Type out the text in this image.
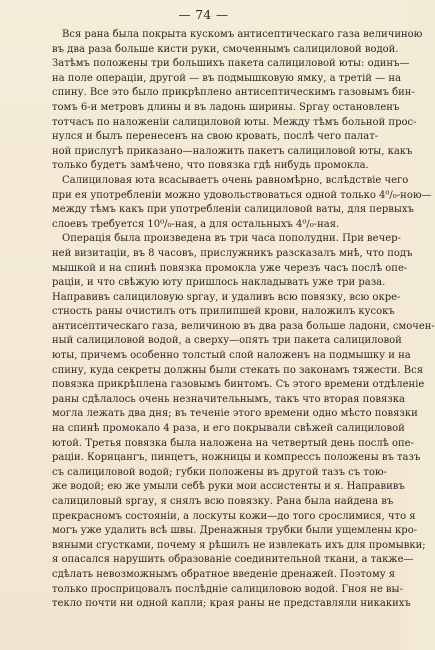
— 74 —
Вся рана была покрыта кускомъ антисептическаго газа величиною
въ два раза больше кисти руки, смоченнымъ салициловой водой.
Затѣмъ положены три большихъ пакета салициловой юты: одинъ—
на поле операціи, другой — въ подмышковую ямку, а третій — на
спину. Все это было прикрѣплено антисептическимъ газовымъ бин-
томъ 6-и метровъ длины и въ ладонь ширины. Sргау остановленъ
тотчасъ по наложеніи салициловой юты. Между тѣмъ больной прос-
нулся и былъ перенесенъ на свою кровать, послѣ чего палат-
ной прислугѣ приказано—наложить пакетъ салициловой юты, какъ
только будетъ замѣчено, что повязка гдѣ нибудь промокла.
Салициловая юта всасываетъ очень равномѣрно, вслѣдствіе чего
при ея употребленіи можно удовольствоваться одной только 4⁰/₀-ною—
между тѣмъ какъ при употребленіи салициловой ваты, для первыхъ
слоевъ требуется 10⁰/₀-ная, а для остальныхъ 4⁰/₀-ная.
Операція была произведена въ три часа пополудни. При вечер-
ней визитаціи, въ 8 часовъ, прислужникъ разсказалъ мнѣ, что подъ
мышкой и на спинѣ повязка промокла уже черезъ часъ послѣ опе-
раціи, и что свѣжую юту пришлось накладывать уже три раза.
Направивъ салициловую sргау, и удаливъ всю повязку, всю окре-
стность раны очистилъ отъ прилипшей крови, наложилъ кусокъ
антисептическаго газа, величиною въ два раза больше ладони, смочен-
ный салициловой водой, а сверху—опять три пакета салициловой
юты, причемъ особенно толстый слой наложенъ на подмышку и на
спину, куда секреты должны были стекать по законамъ тяжести. Вся
повязка прикрѣплена газовымъ бинтомъ. Съ этого времени отдѣленіе
раны сдѣлалось очень незначительнымъ, такъ что вторая повязка
могла лежать два дня; въ теченіе этого времени одно мѣсто повязки
на спинѣ промокало 4 раза, и его покрывали свѣжей салициловой
ютой. Третья повязка была наложена на четвертый день послѣ опе-
раціи. Корнцангъ, пинцетъ, ножницы и компрессъ положены въ тазъ
съ салициловой водой; губки положены въ другой тазъ съ тою-
же водой; ею же умыли себѣ руки мои ассистенты и я. Направивъ
салициловый sргау, я снялъ всю повязку. Рана была найдена въ
прекрасномъ состояніи, а лоскуты кожи—до того срослимися, что я
могъ уже удалить всѣ швы. Дренажныя трубки были ущемлены кро-
вяными сгустками, почему я рѣшилъ не извлекать ихъ для промывки;
я опасался нарушить образованіе соединительной ткани, а также—
сдѣлать невозможнымъ обратное введеніе дренажей. Поэтому я
только просприцовалъ послѣдніе салициловою водой. Гноя не вы-
текло почти ни одной капли; края раны не представляли никакихъ
